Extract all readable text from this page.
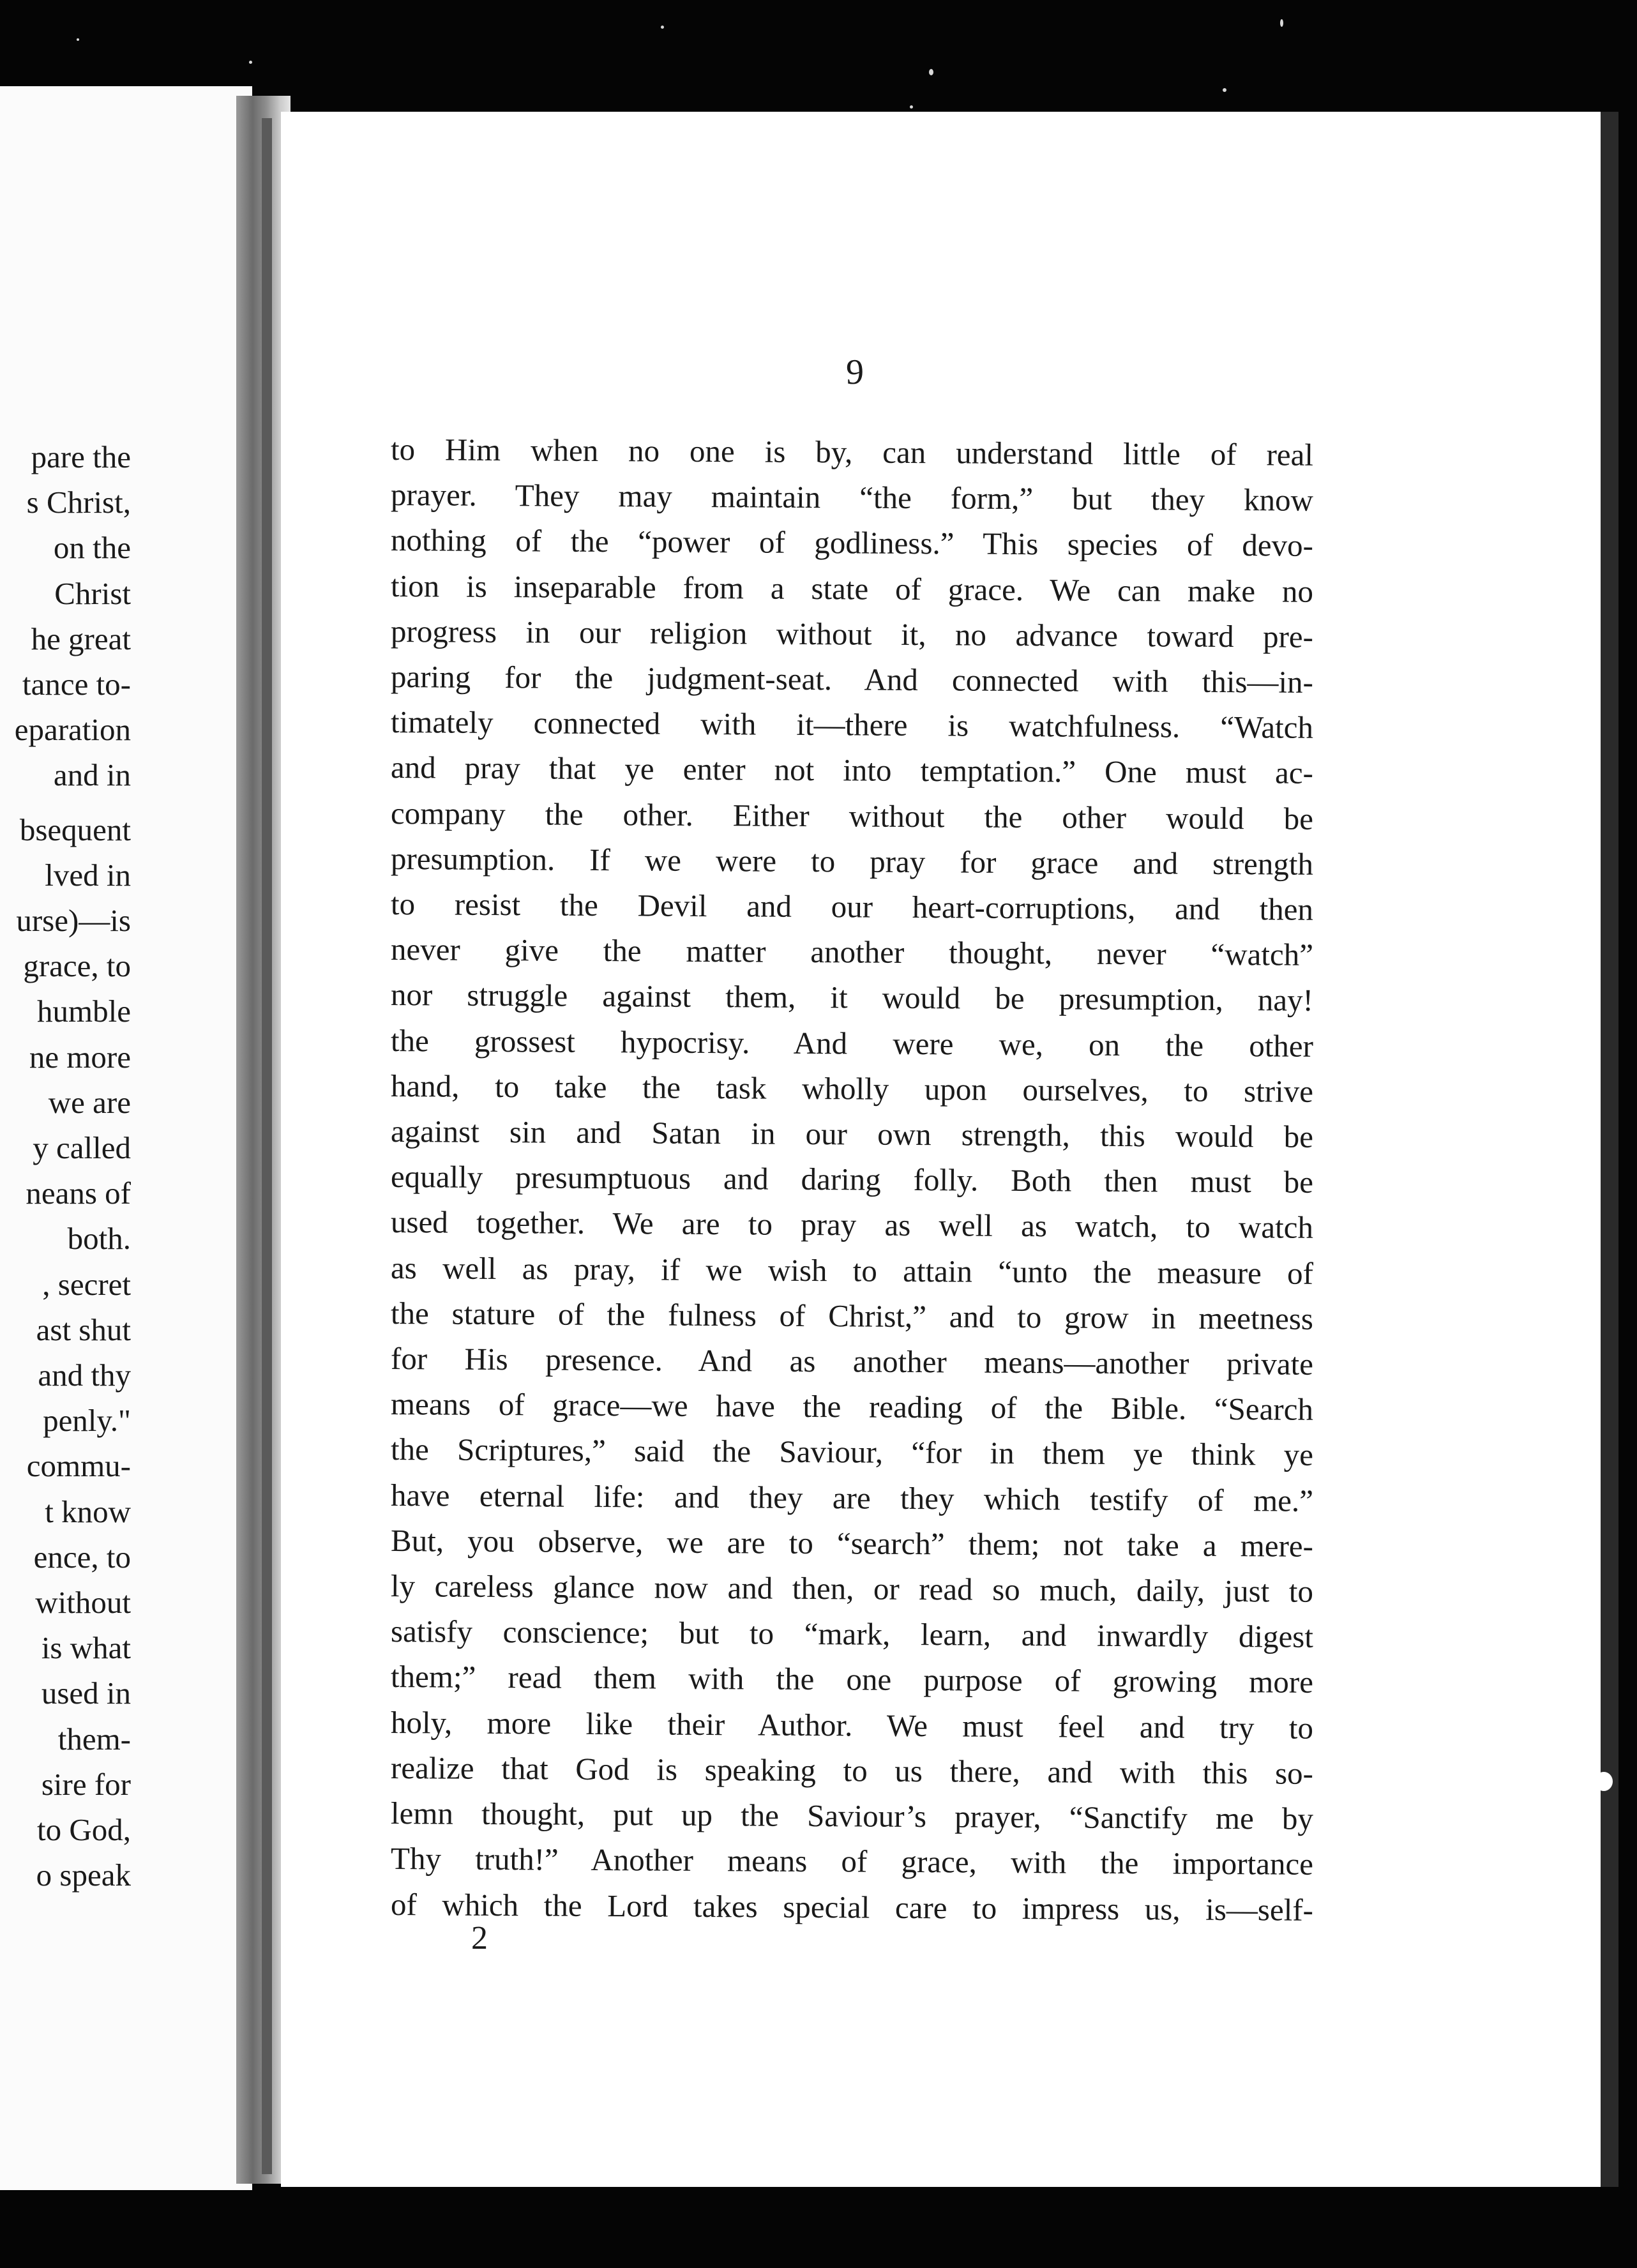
pare the
s Christ,
on the
Christ
he great
tance to-
eparation
and in
bsequent
lved in
urse)—is
grace, to
humble
ne more
we are
y called
neans of
both.
, secret
ast shut
and thy
penly."
commu-
t know
ence, to
without
is what
used in
them-
sire for
to God,
o speak
9
to Him when no one is by, can understand little of real
prayer. They may maintain “the form,” but they know
nothing of the “power of godliness.” This species of devo-
tion is inseparable from a state of grace. We can make no
progress in our religion without it, no advance toward pre-
paring for the judgment-seat. And connected with this—in-
timately connected with it—there is watchfulness. “Watch
and pray that ye enter not into temptation.” One must ac-
company the other. Either without the other would be
presumption. If we were to pray for grace and strength
to resist the Devil and our heart-corruptions, and then
never give the matter another thought, never “watch”
nor struggle against them, it would be presumption, nay!
the grossest hypocrisy. And were we, on the other
hand, to take the task wholly upon ourselves, to strive
against sin and Satan in our own strength, this would be
equally presumptuous and daring folly. Both then must be
used together. We are to pray as well as watch, to watch
as well as pray, if we wish to attain “unto the measure of
the stature of the fulness of Christ,” and to grow in meetness
for His presence. And as another means—another private
means of grace—we have the reading of the Bible. “Search
the Scriptures,” said the Saviour, “for in them ye think ye
have eternal life: and they are they which testify of me.”
But, you observe, we are to “search” them; not take a mere-
ly careless glance now and then, or read so much, daily, just to
satisfy conscience; but to “mark, learn, and inwardly digest
them;” read them with the one purpose of growing more
holy, more like their Author. We must feel and try to
realize that God is speaking to us there, and with this so-
lemn thought, put up the Saviour’s prayer, “Sanctify me by
Thy truth!” Another means of grace, with the importance
of which the Lord takes special care to impress us, is—self-
2
